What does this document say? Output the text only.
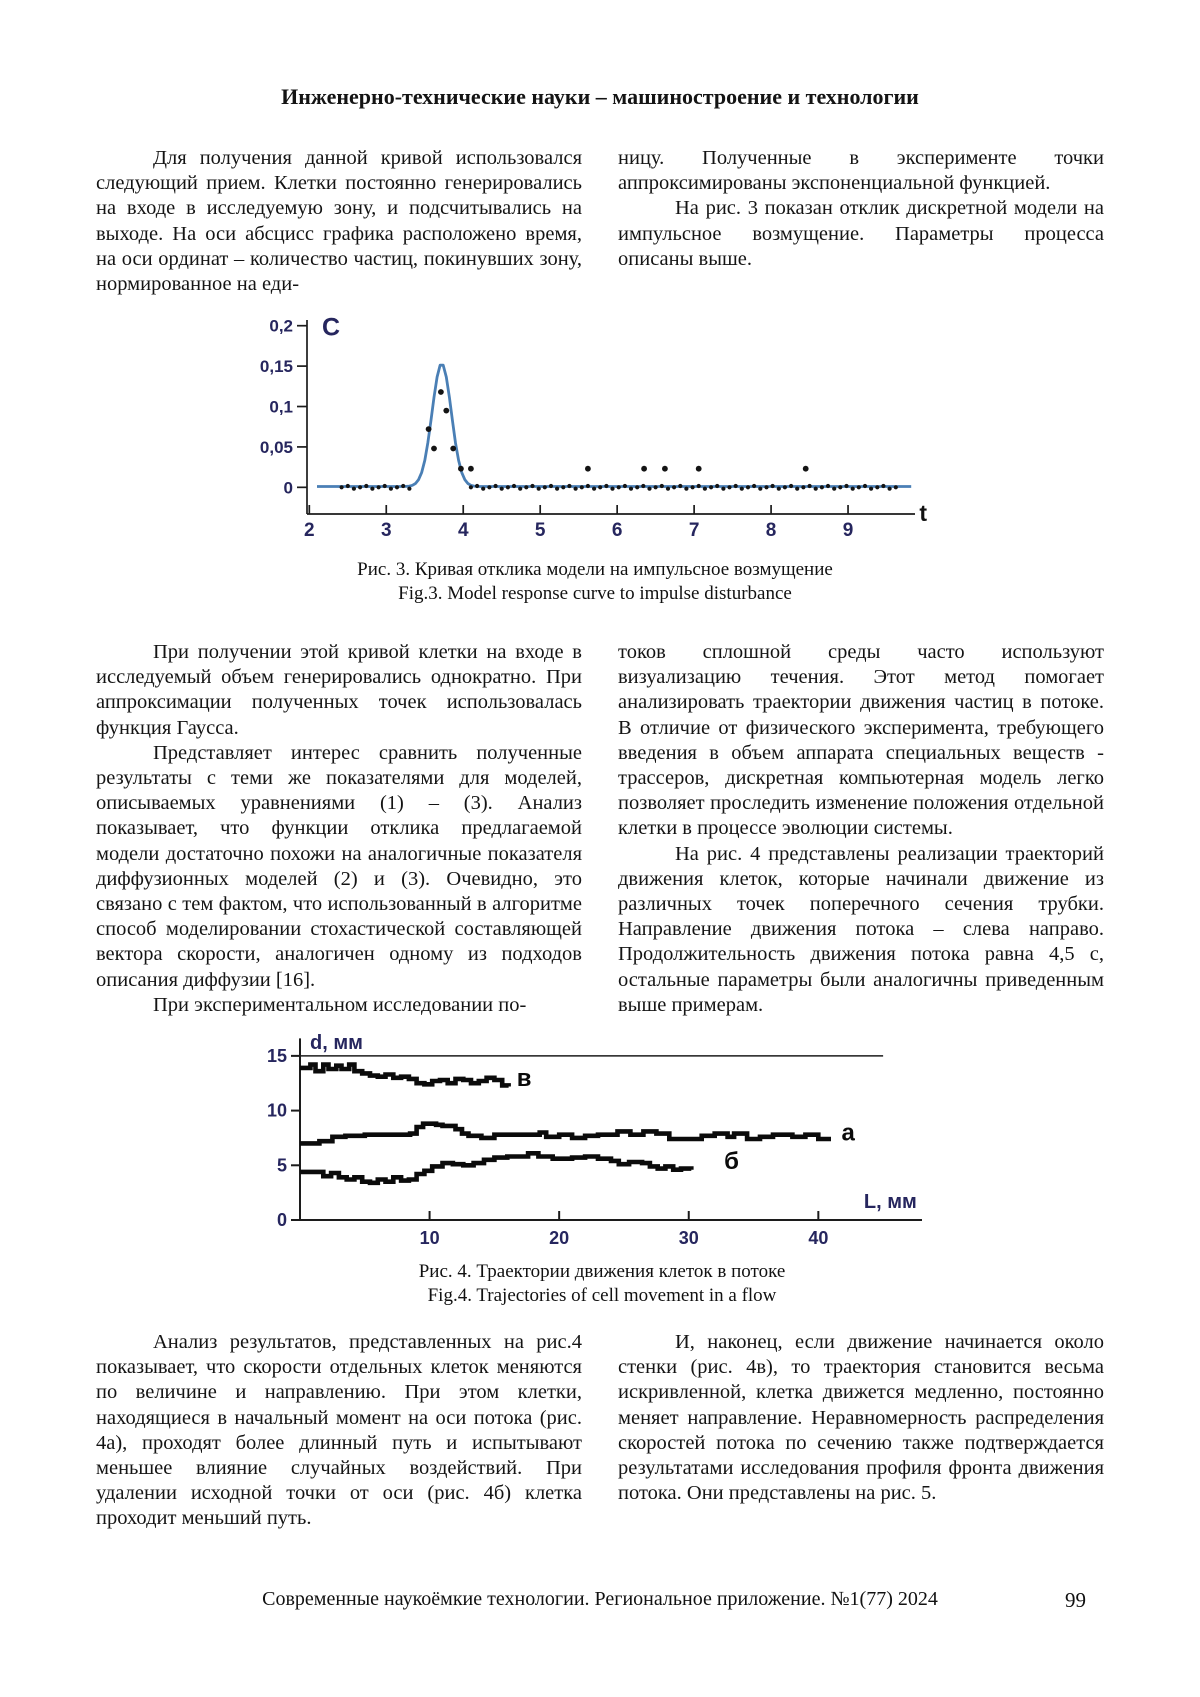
Инженерно-технические науки – машиностроение и технологии

Для получения данной кривой использовался следующий прием. Клетки постоянно генерировались на входе в исследуемую зону, и подсчитывались на выходе. На оси абсцисс графика расположено время, на оси ординат – количество частиц, покинувших зону, нормированное на еди-

ницу. Полученные в эксперименте точки аппроксимированы экспоненциальной функцией.

На рис. 3 показан отклик дискретной модели на импульсное возмущение. Параметры процесса описаны выше.

2	3	4	5	6	7	8	9
0
0,05
0,1
0,15
0,2 C
t
Рис. 3. Кривая отклика модели на импульсное возмущение
Fig.3. Model response curve to impulse disturbance

При получении этой кривой клетки на входе в исследуемый объем генерировались однократно. При аппроксимации полученных точек использовалась функция Гаусса.

Представляет интерес сравнить полученные результаты с теми же показателями для моделей, описываемых уравнениями (1) – (3). Анализ показывает, что функции отклика предлагаемой модели достаточно похожи на аналогичные показателя диффузионных моделей (2) и (3). Очевидно, это связано с тем фактом, что использованный в алгоритме способ моделировании стохастической составляющей вектора скорости, аналогичен одному из подходов описания диффузии [16].

При экспериментальном исследовании по-

токов сплошной среды часто используют визуализацию течения. Этот метод помогает анализировать траектории движения частиц в потоке. В отличие от физического эксперимента, требующего введения в объем аппарата специальных веществ - трассеров, дискретная компьютерная модель легко позволяет проследить изменение положения отдельной клетки в процессе эволюции системы.

На рис. 4 представлены реализации траекторий движения клеток, которые начинали движение из различных точек поперечного сечения трубки. Направление движения потока – слева направо. Продолжительность движения потока равна 4,5 с, остальные параметры были аналогичны приведенным выше примерам.

10	20	30	40
0
5
10
15
d, мм
L, мм
в
а
б
Рис. 4. Траектории движения клеток в потоке
Fig.4. Trajectories of cell movement in a flow

Анализ результатов, представленных на рис.4 показывает, что скорости отдельных клеток меняются по величине и направлению. При этом клетки, находящиеся в начальный момент на оси потока (рис. 4а), проходят более длинный путь и испытывают меньшее влияние случайных воздействий. При удалении исходной точки от оси (рис. 4б) клетка проходит меньший путь.

И, наконец, если движение начинается около стенки (рис. 4в), то траектория становится весьма искривленной, клетка движется медленно, постоянно меняет направление. Неравномерность распределения скоростей потока по сечению также подтверждается результатами исследования профиля фронта движения потока. Они представлены на рис. 5.

Современные наукоёмкие технологии. Региональное приложение. №1(77) 2024	99
